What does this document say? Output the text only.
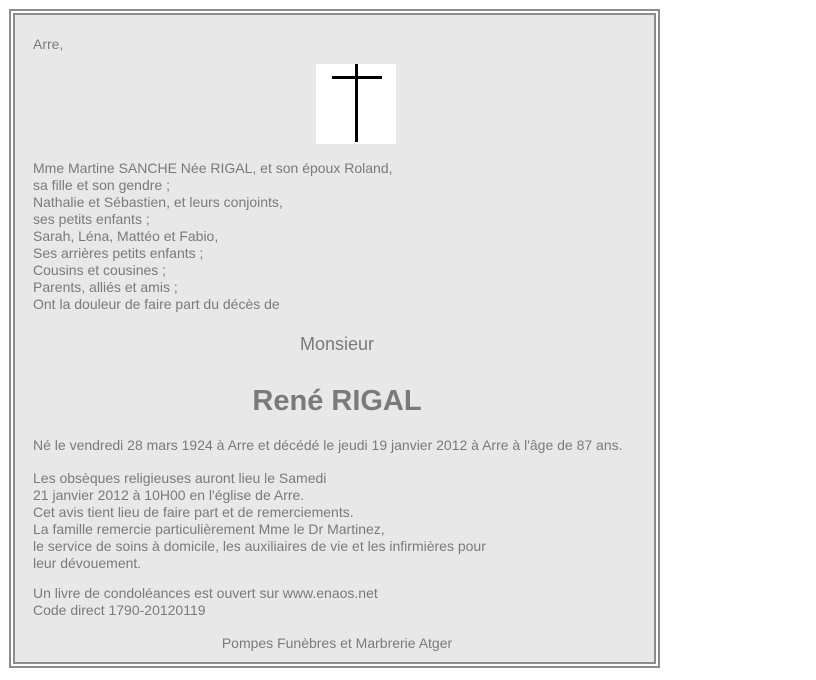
Arre,
Mme Martine SANCHE Née RIGAL, et son époux Roland,
sa fille et son gendre ;
Nathalie et Sébastien, et leurs conjoints,
ses petits enfants ;
Sarah, Léna, Mattéo et Fabio,
Ses arrières petits enfants ;
Cousins et cousines ;
Parents, alliés et amis ;
Ont la douleur de faire part du décès de
Monsieur
René RIGAL
Né le vendredi 28 mars 1924 à Arre et décédé le jeudi 19 janvier 2012 à Arre à l'âge de 87 ans.
Les obsèques religieuses auront lieu le Samedi
21 janvier 2012 à 10H00 en l'église de Arre.
Cet avis tient lieu de faire part et de remerciements.
La famille remercie particulièrement Mme le Dr Martinez,
le service de soins à domicile, les auxiliaires de vie et les infirmières pour
leur dévouement.
Un livre de condoléances est ouvert sur www.enaos.net
Code direct 1790-20120119
Pompes Funèbres et Marbrerie Atger
